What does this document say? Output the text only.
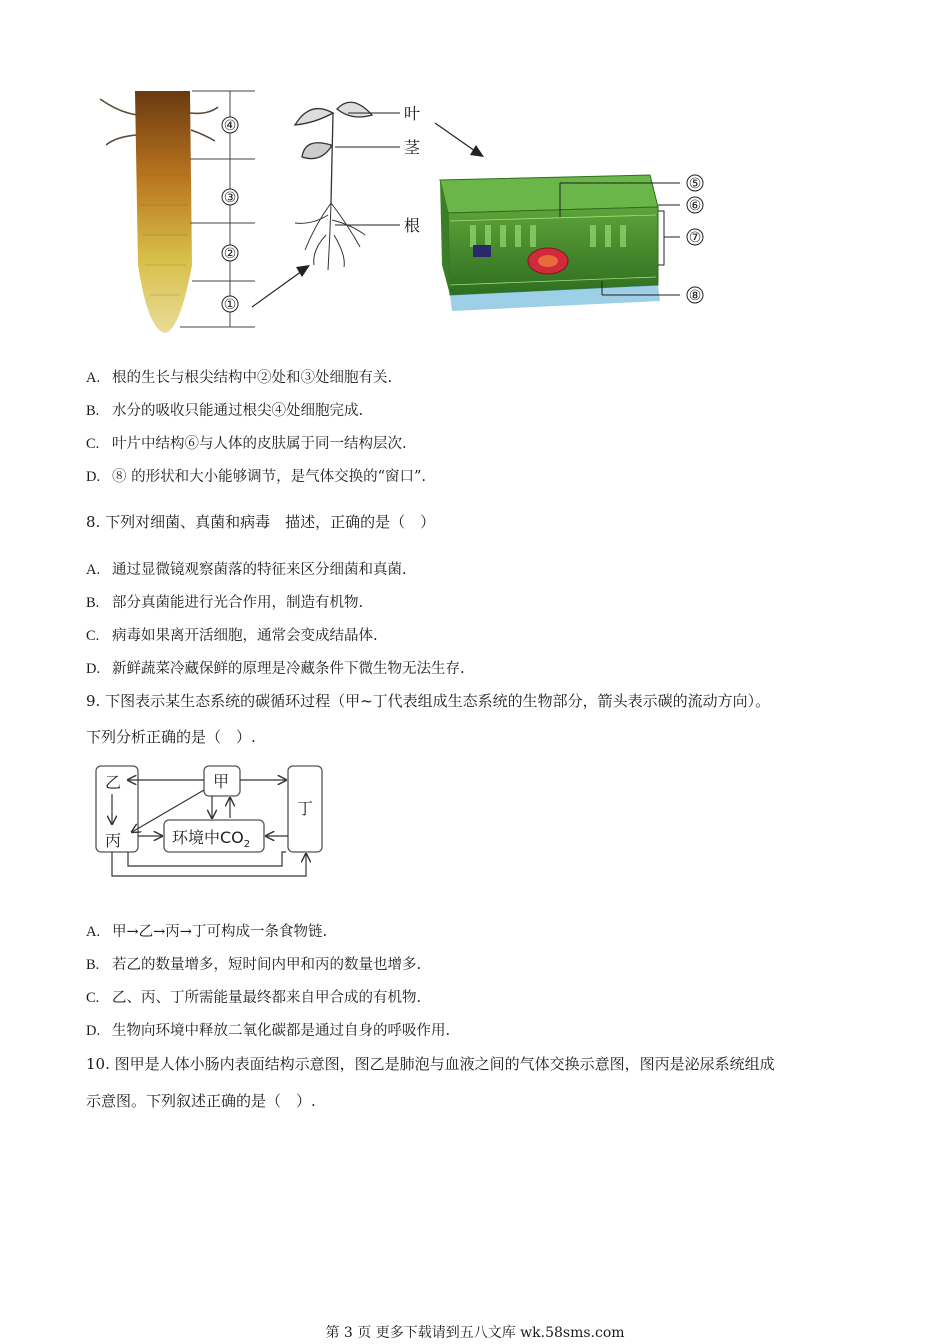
④
③
②
①
叶
茎
根
⑤
⑥
⑦
⑧
A. 根的生长与根尖结构中②处和③处细胞有关.
B. 水分的吸收只能通过根尖④处细胞完成.
C. 叶片中结构⑥与人体的皮肤属于同一结构层次.
D. ⑧ 的形状和大小能够调节，是气体交换的“窗口”.
8. 下列对细菌、真菌和病毒　描述，正确的是（　）
A. 通过显微镜观察菌落的特征来区分细菌和真菌.
B. 部分真菌能进行光合作用，制造有机物.
C. 病毒如果离开活细胞，通常会变成结晶体.
D. 新鲜蔬菜冷藏保鲜的原理是冷藏条件下微生物无法生存.
9. 下图表示某生态系统的碳循环过程（甲~丁代表组成生态系统的生物部分，箭头表示碳的流动方向）。
下列分析正确的是（　）.
乙	甲
丙
丁
环境中$CO_2$
A. 甲→乙→丙→丁可构成一条食物链.
B. 若乙的数量增多，短时间内甲和丙的数量也增多.
C. 乙、丙、丁所需能量最终都来自甲合成的有机物.
D. 生物向环境中释放二氧化碳都是通过自身的呼吸作用.
10. 图甲是人体小肠内表面结构示意图，图乙是肺泡与血液之间的气体交换示意图，图丙是泌尿系统组成
示意图。下列叙述正确的是（　）.
第 3 页 更多下载请到五八文库 wk.58sms.com
